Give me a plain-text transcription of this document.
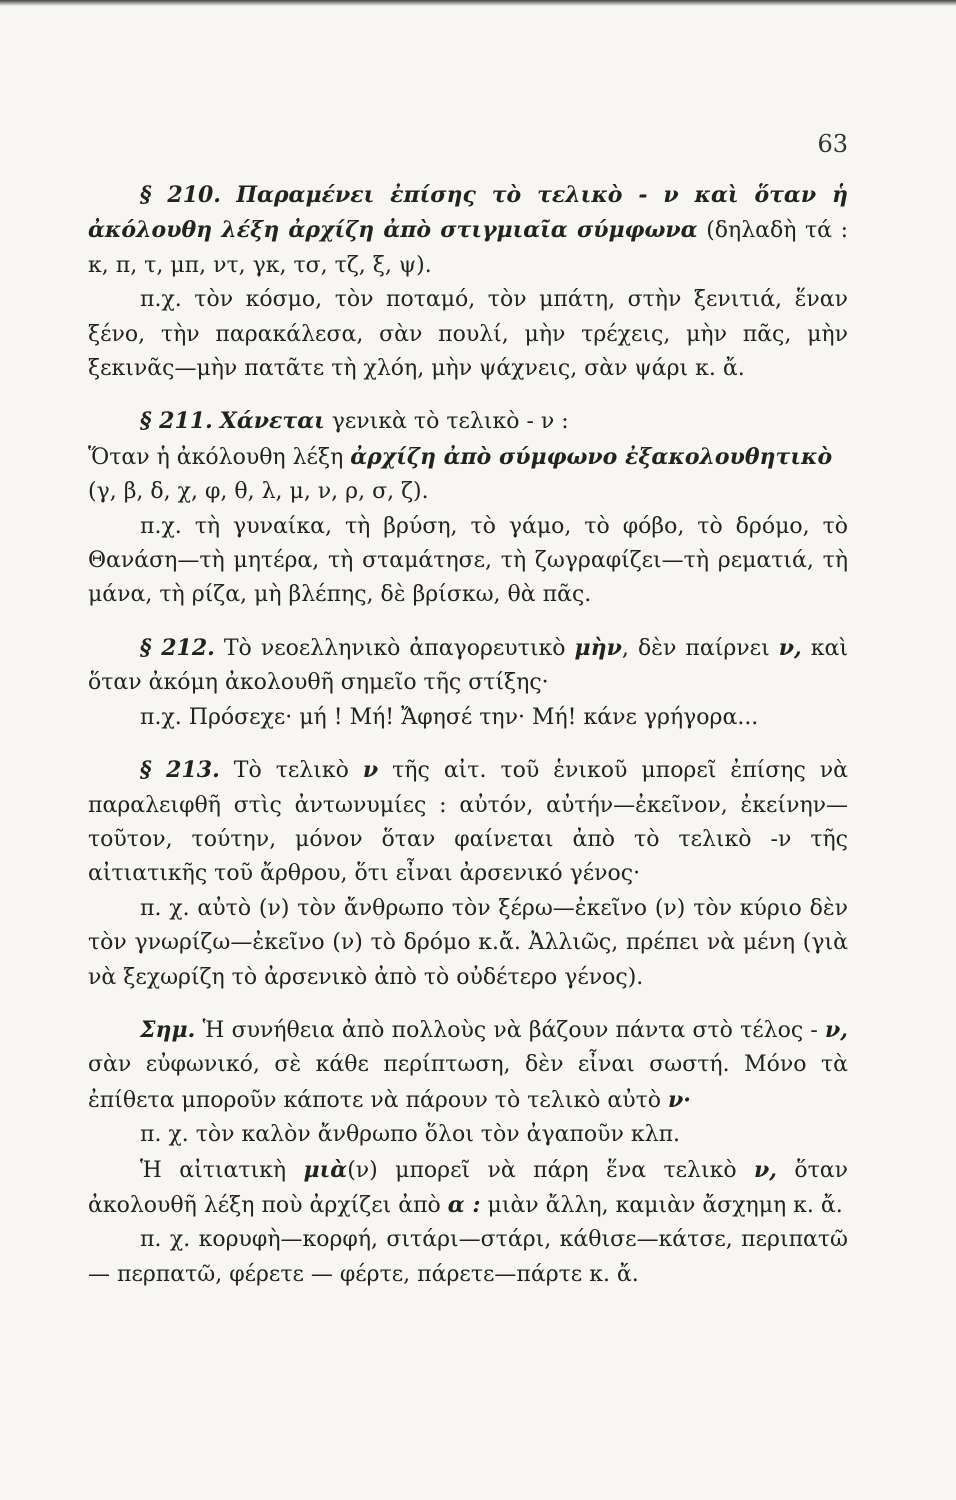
63

§ 210. Παραμένει ἐπίσης τὸ τελικὸ - ν καὶ ὅταν ἡ ἀκόλουθη λέξη ἀρχίζη ἀπὸ στιγμιαῖα σύμφωνα (δηλαδὴ τά : κ, π, τ, μπ, ντ, γκ, τσ, τζ, ξ, ψ).

π.χ. τὸν κόσμο, τὸν ποταμό, τὸν μπάτη, στὴν ξενιτιά, ἕναν ξένο, τὴν παρακάλεσα, σὰν πουλί, μὴν τρέχεις, μὴν πᾶς, μὴν ξεκινᾶς—μὴν πατᾶτε τὴ χλόη, μὴν ψάχνεις, σὰν ψάρι κ. ἄ.

§ 211. Χάνεται γενικὰ τὸ τελικὸ - ν :

Ὅταν ἡ ἀκόλουθη λέξη ἀρχίζη ἀπὸ σύμφωνο ἐξακολουθητικὸ

(γ, β, δ, χ, φ, θ, λ, μ, ν, ρ, σ, ζ).

π.χ. τὴ γυναίκα, τὴ βρύση, τὸ γάμο, τὸ φόβο, τὸ δρόμο, τὸ Θανάση—τὴ μητέρα, τὴ σταμάτησε, τὴ ζωγραφίζει—τὴ ρεματιά, τὴ μάνα, τὴ ρίζα, μὴ βλέπης, δὲ βρίσκω, θὰ πᾶς.

§ 212. Τὸ νεοελληνικὸ ἀπαγορευτικὸ μὴν, δὲν παίρνει ν, καὶ ὅταν ἀκόμη ἀκολουθῆ σημεῖο τῆς στίξης·

π.χ. Πρόσεχε· μή ! Μή! Ἄφησέ την· Μή! κάνε γρήγορα...

§ 213. Τὸ τελικὸ ν τῆς αἰτ. τοῦ ἑνικοῦ μπορεῖ ἐπίσης νὰ παραλειφθῆ στὶς ἀντωνυμίες : αὐτόν, αὐτήν—ἐκεῖνον, ἐκείνην— τοῦτον, τούτην, μόνον ὅταν φαίνεται ἀπὸ τὸ τελικὸ -ν τῆς αἰτιατικῆς τοῦ ἄρθρου, ὅτι εἶναι ἀρσενικό γένος·

π. χ. αὐτὸ (ν) τὸν ἄνθρωπο τὸν ξέρω—ἐκεῖνο (ν) τὸν κύριο δὲν τὸν γνωρίζω—ἐκεῖνο (ν) τὸ δρόμο κ.ἄ. Ἀλλιῶς, πρέπει νὰ μένη (γιὰ νὰ ξεχωρίζη τὸ ἀρσενικὸ ἀπὸ τὸ οὐδέτερο γένος).

Σημ. Ἡ συνήθεια ἀπὸ πολλοὺς νὰ βάζουν πάντα στὸ τέλος - ν, σὰν εὐφωνικό, σὲ κάθε περίπτωση, δὲν εἶναι σωστή. Μόνο τὰ ἐπίθετα μποροῦν κάποτε νὰ πάρουν τὸ τελικὸ αὐτὸ ν·

π. χ. τὸν καλὸν ἄνθρωπο ὅλοι τὸν ἀγαποῦν κλπ.

Ἡ αἰτιατικὴ μιὰ(ν) μπορεῖ νὰ πάρη ἕνα τελικὸ ν, ὅταν ἀκολουθῆ λέξη ποὺ ἀρχίζει ἀπὸ α : μιὰν ἄλλη, καμιὰν ἄσχημη κ. ἄ.

π. χ. κορυφὴ—κορφή, σιτάρι—στάρι, κάθισε—κάτσε, περιπατῶ — περπατῶ, φέρετε — φέρτε, πάρετε—πάρτε κ. ἄ.
